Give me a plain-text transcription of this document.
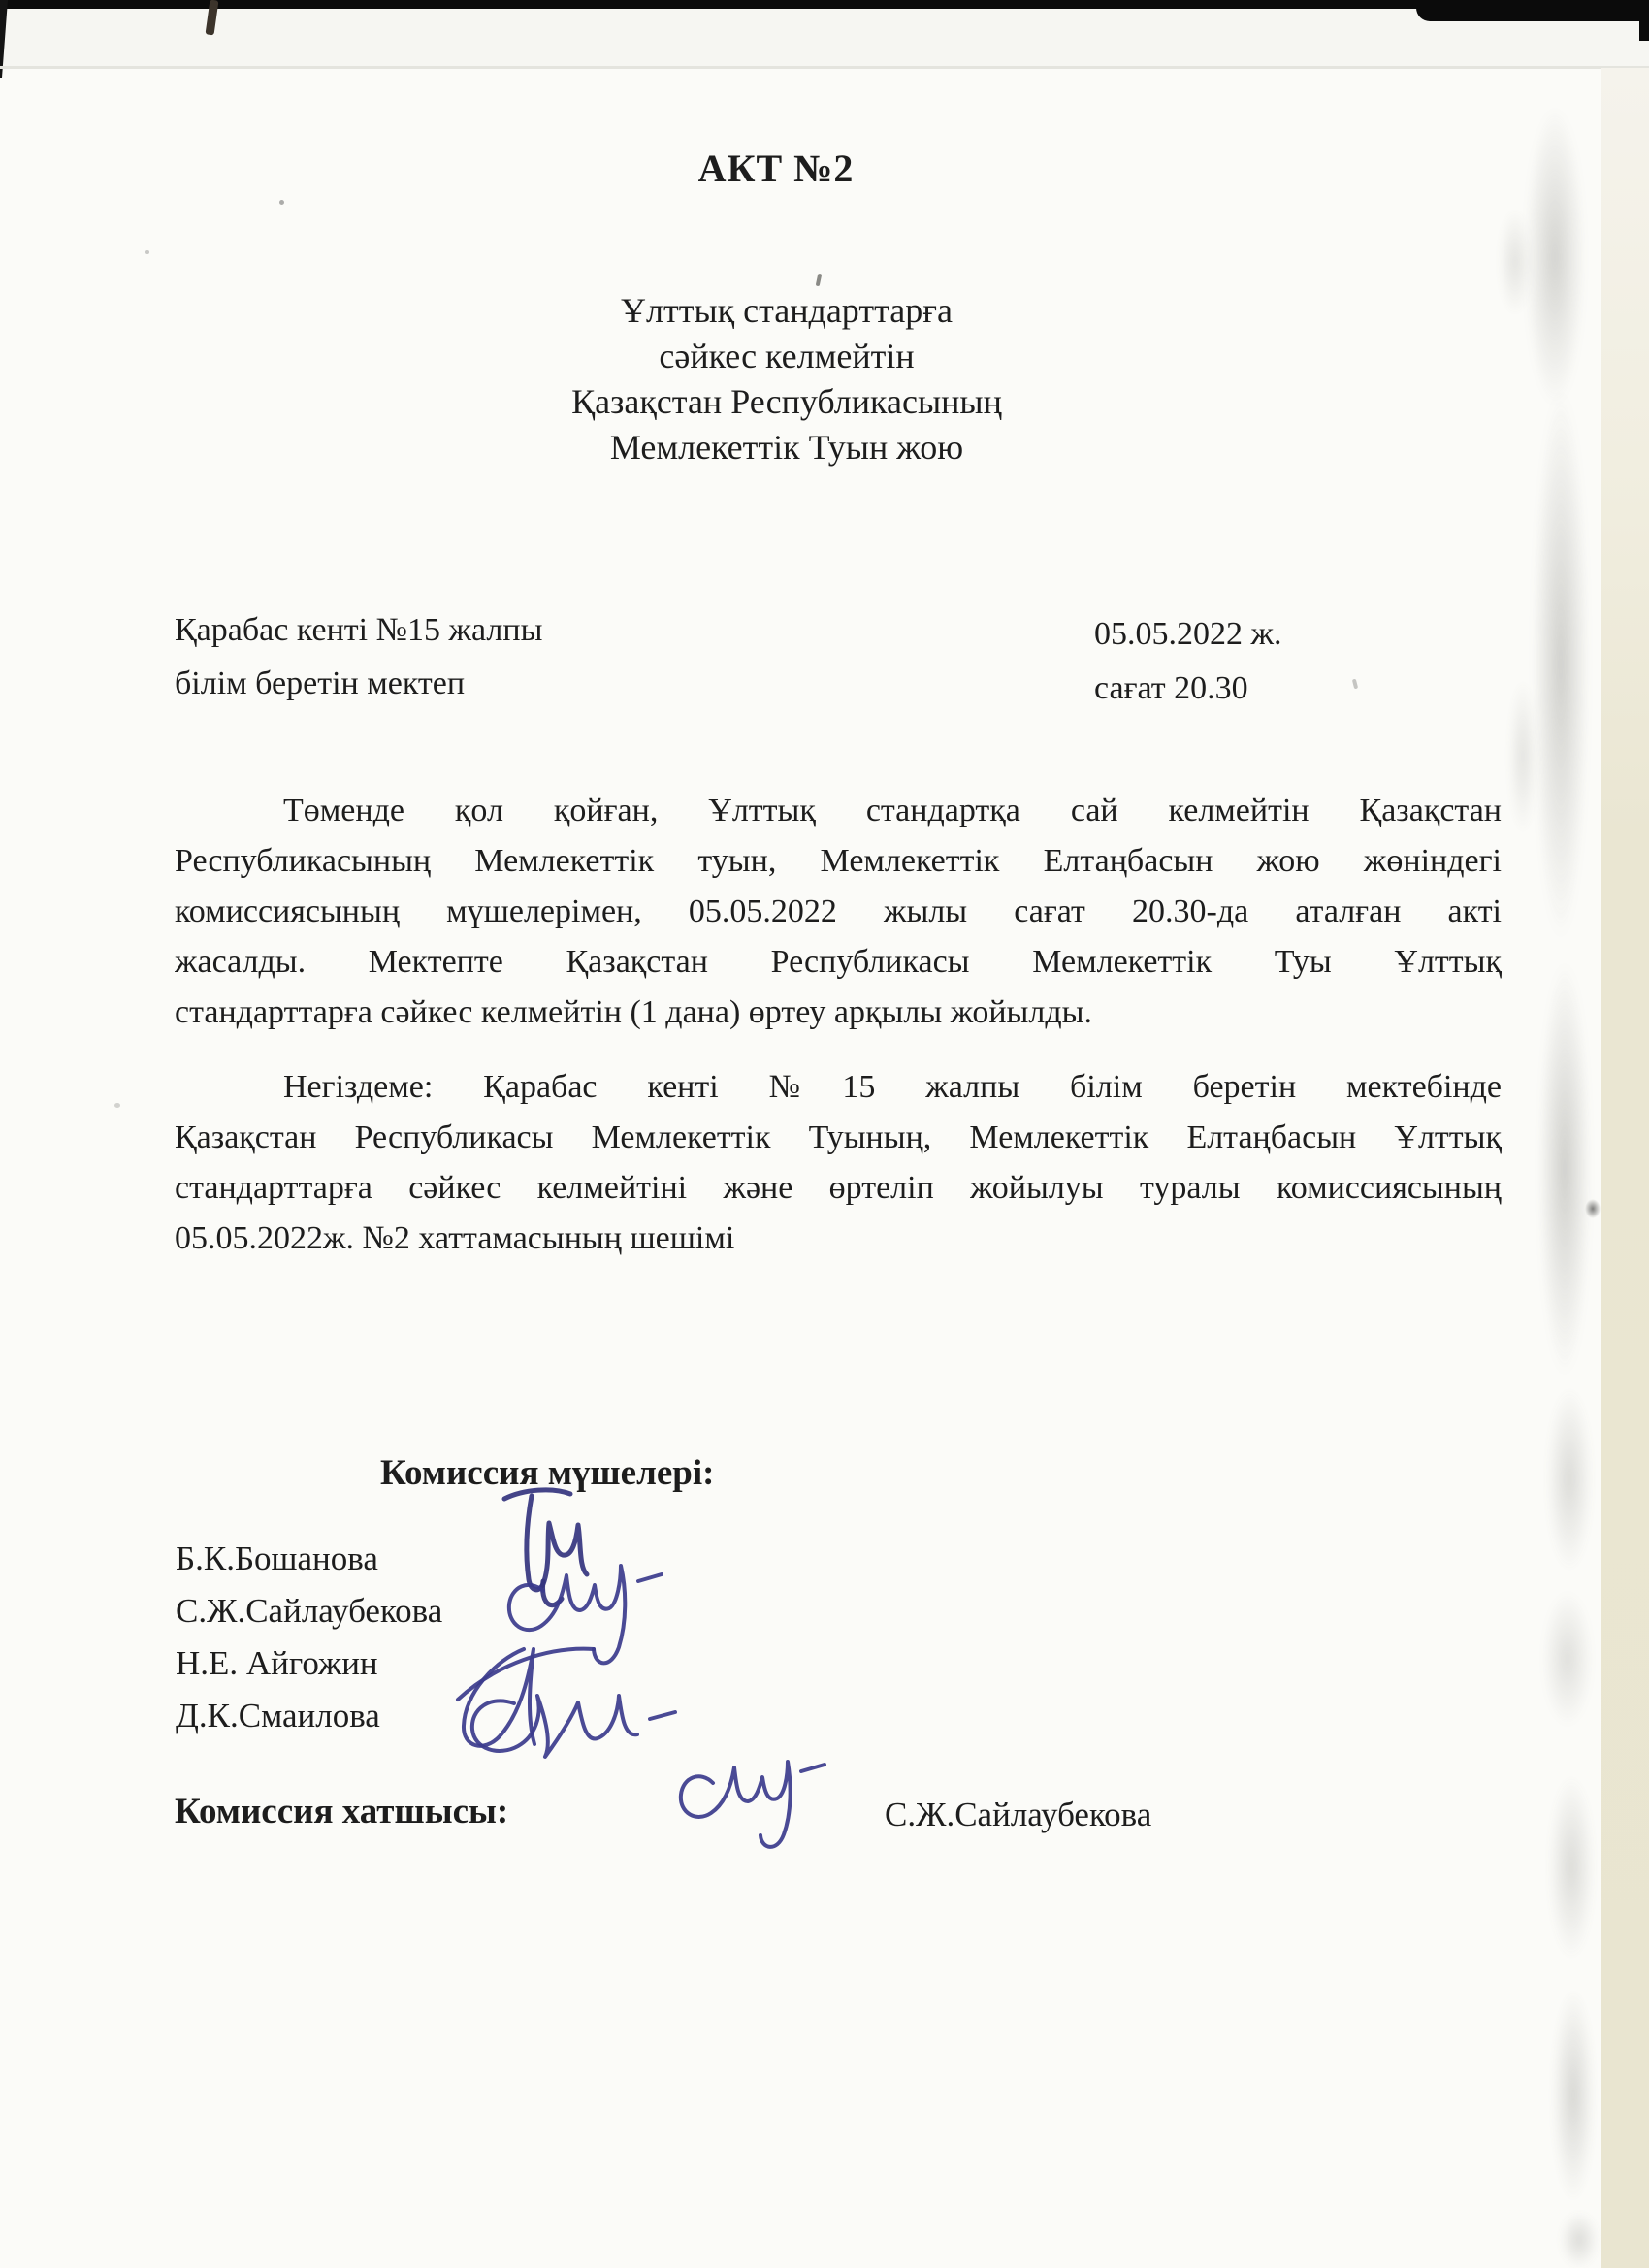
АКТ №2
Ұлттық стандарттарға
сәйкес келмейтін
Қазақстан Республикасының
Мемлекеттік Туын жою
Қарабас кенті №15 жалпы
білім беретін мектеп
05.05.2022 ж.
сағат 20.30
Төменде қол қойған, Ұлттық стандартқа сай келмейтін Қазақстан
Республикасының Мемлекеттік туын, Мемлекеттік Елтаңбасын жою жөніндегі
комиссиясының мүшелерімен, 05.05.2022 жылы сағат 20.30-да аталған акті
жасалды. Мектепте Қазақстан Республикасы Мемлекеттік Туы Ұлттық
стандарттарға сәйкес келмейтін (1 дана) өртеу арқылы жойылды.
Негіздеме: Қарабас кенті №15 жалпы білім беретін мектебінде
Қазақстан Республикасы Мемлекеттік Туының, Мемлекеттік Елтаңбасын Ұлттық
стандарттарға сәйкес келмейтіні және өртеліп жойылуы туралы комиссиясының
05.05.2022ж. №2 хаттамасының шешімі
Комиссия мүшелері:
Б.К.Бошанова
С.Ж.Сайлаубекова
Н.Е. Айгожин
Д.К.Смаилова
Комиссия хатшысы:	С.Ж.Сайлаубекова
